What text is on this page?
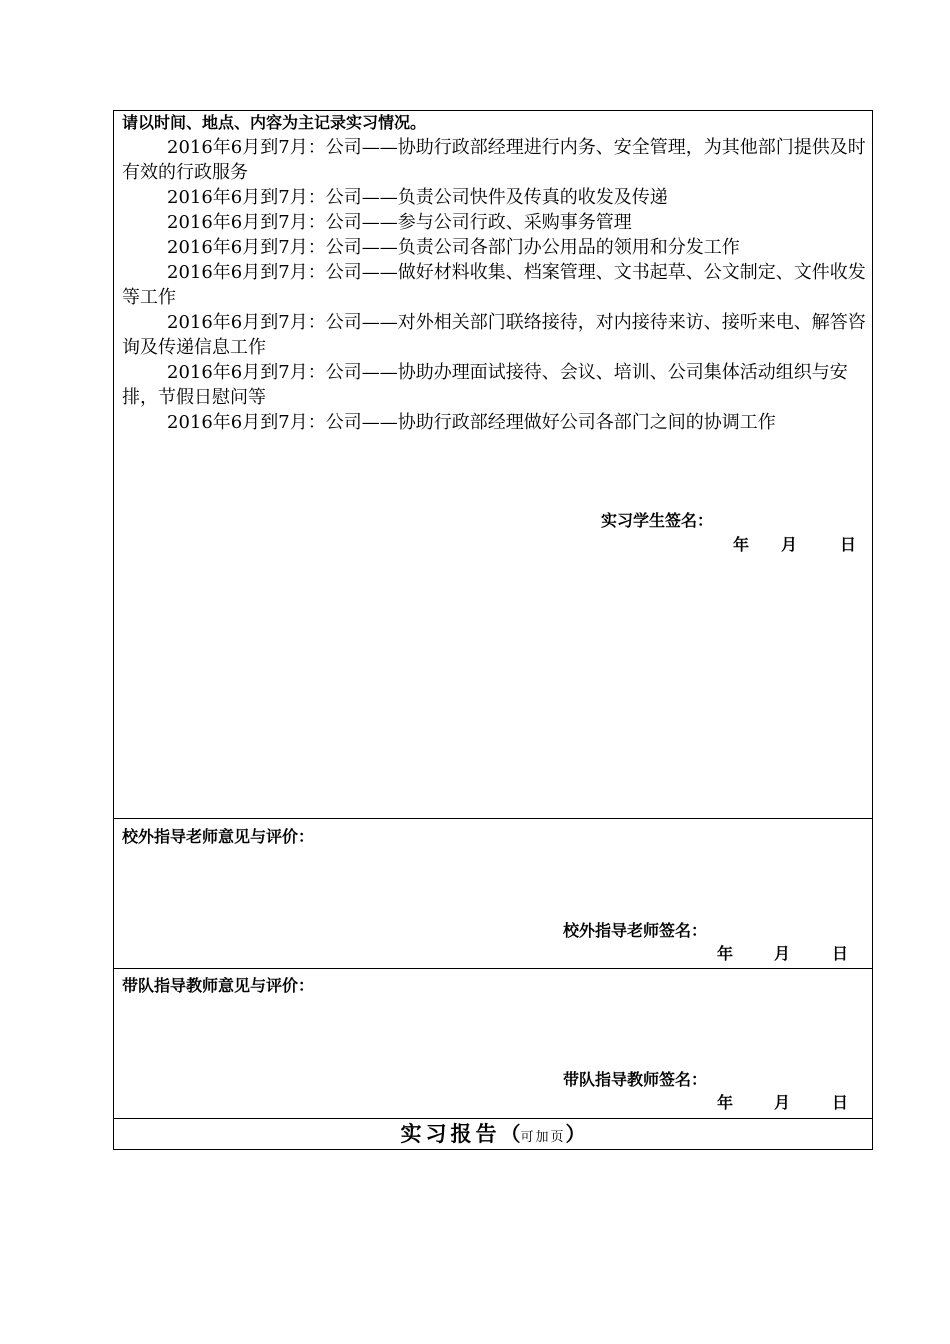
请以时间、地点、内容为主记录实习情况。

2016年6月到7月：公司——协助行政部经理进行内务、安全管理，为其他部门提供及时有效的行政服务
2016年6月到7月：公司——负责公司快件及传真的收发及传递
2016年6月到7月：公司——参与公司行政、采购事务管理
2016年6月到7月：公司——负责公司各部门办公用品的领用和分发工作
2016年6月到7月：公司——做好材料收集、档案管理、文书起草、公文制定、文件收发等工作
2016年6月到7月：公司——对外相关部门联络接待，对内接待来访、接听来电、解答咨询及传递信息工作
2016年6月到7月：公司——协助办理面试接待、会议、培训、公司集体活动组织与安排，节假日慰问等
2016年6月到7月：公司——协助行政部经理做好公司各部门之间的协调工作
实习学生签名：
年 月	日
校外指导老师意见与评价：
校外指导老师签名：
年	月	日
带队指导教师意见与评价：
带队指导教师签名：
年	月	日
实习报告（可加页）
